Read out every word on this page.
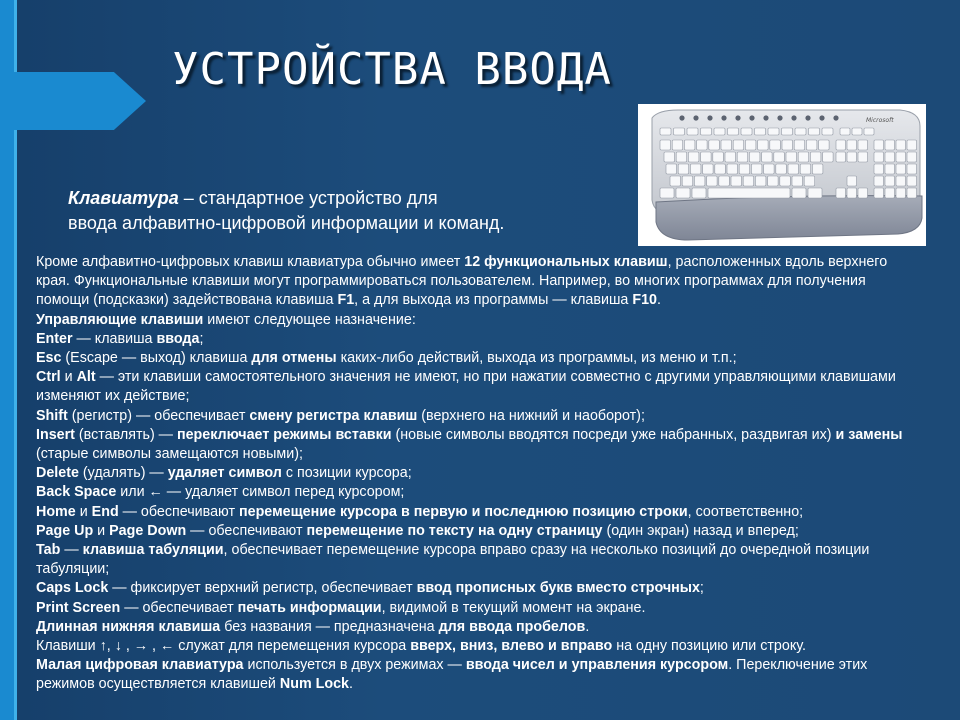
УСТРОЙСТВА ВВОДА
Microsoft
Клавиатура – стандартное устройство для
ввода алфавитно-цифровой информации и команд.

Кроме алфавитно-цифровых клавиш клавиатура обычно имеет 12 функциональных клавиш, расположенных вдоль верхнего края. Функциональные клавиши могут программироваться пользователем. Например, во многих программах для получения помощи (подсказки) задействована клавиша F1, а для выхода из программы — клавиша F10.

Управляющие клавиши имеют следующее назначение:

Enter — клавиша ввода;

Esc (Escape — выход) клавиша для отмены каких-либо действий, выхода из программы, из меню и т.п.;

Ctrl и Alt — эти клавиши самостоятельного значения не имеют, но при нажатии совместно с другими управляющими клавишами изменяют их действие;

Shift (регистр) — обеспечивает смену регистра клавиш (верхнего на нижний и наоборот);

Insert (вставлять) — переключает режимы вставки (новые символы вводятся посреди уже набранных, раздвигая их) и замены (старые символы замещаются новыми);

Delete (удалять) — удаляет символ с позиции курсора;

Back Space или ← — удаляет символ перед курсором;

Home и End — обеспечивают перемещение курсора в первую и последнюю позицию строки, соответственно;

Page Up и Page Down — обеспечивают перемещение по тексту на одну страницу (один экран) назад и вперед;

Tab — клавиша табуляции, обеспечивает перемещение курсора вправо сразу на несколько позиций до очередной позиции табуляции;

Caps Lock — фиксирует верхний регистр, обеспечивает ввод прописных букв вместо строчных;

Print Screen — обеспечивает печать информации, видимой в текущий момент на экране.

Длинная нижняя клавиша без названия — предназначена для ввода пробелов.

Клавиши ↑, ↓ , → , ← служат для перемещения курсора вверх, вниз, влево и вправо на одну позицию или строку.

Малая цифровая клавиатура используется в двух режимах — ввода чисел и управления курсором. Переключение этих режимов осуществляется клавишей Num Lock.
